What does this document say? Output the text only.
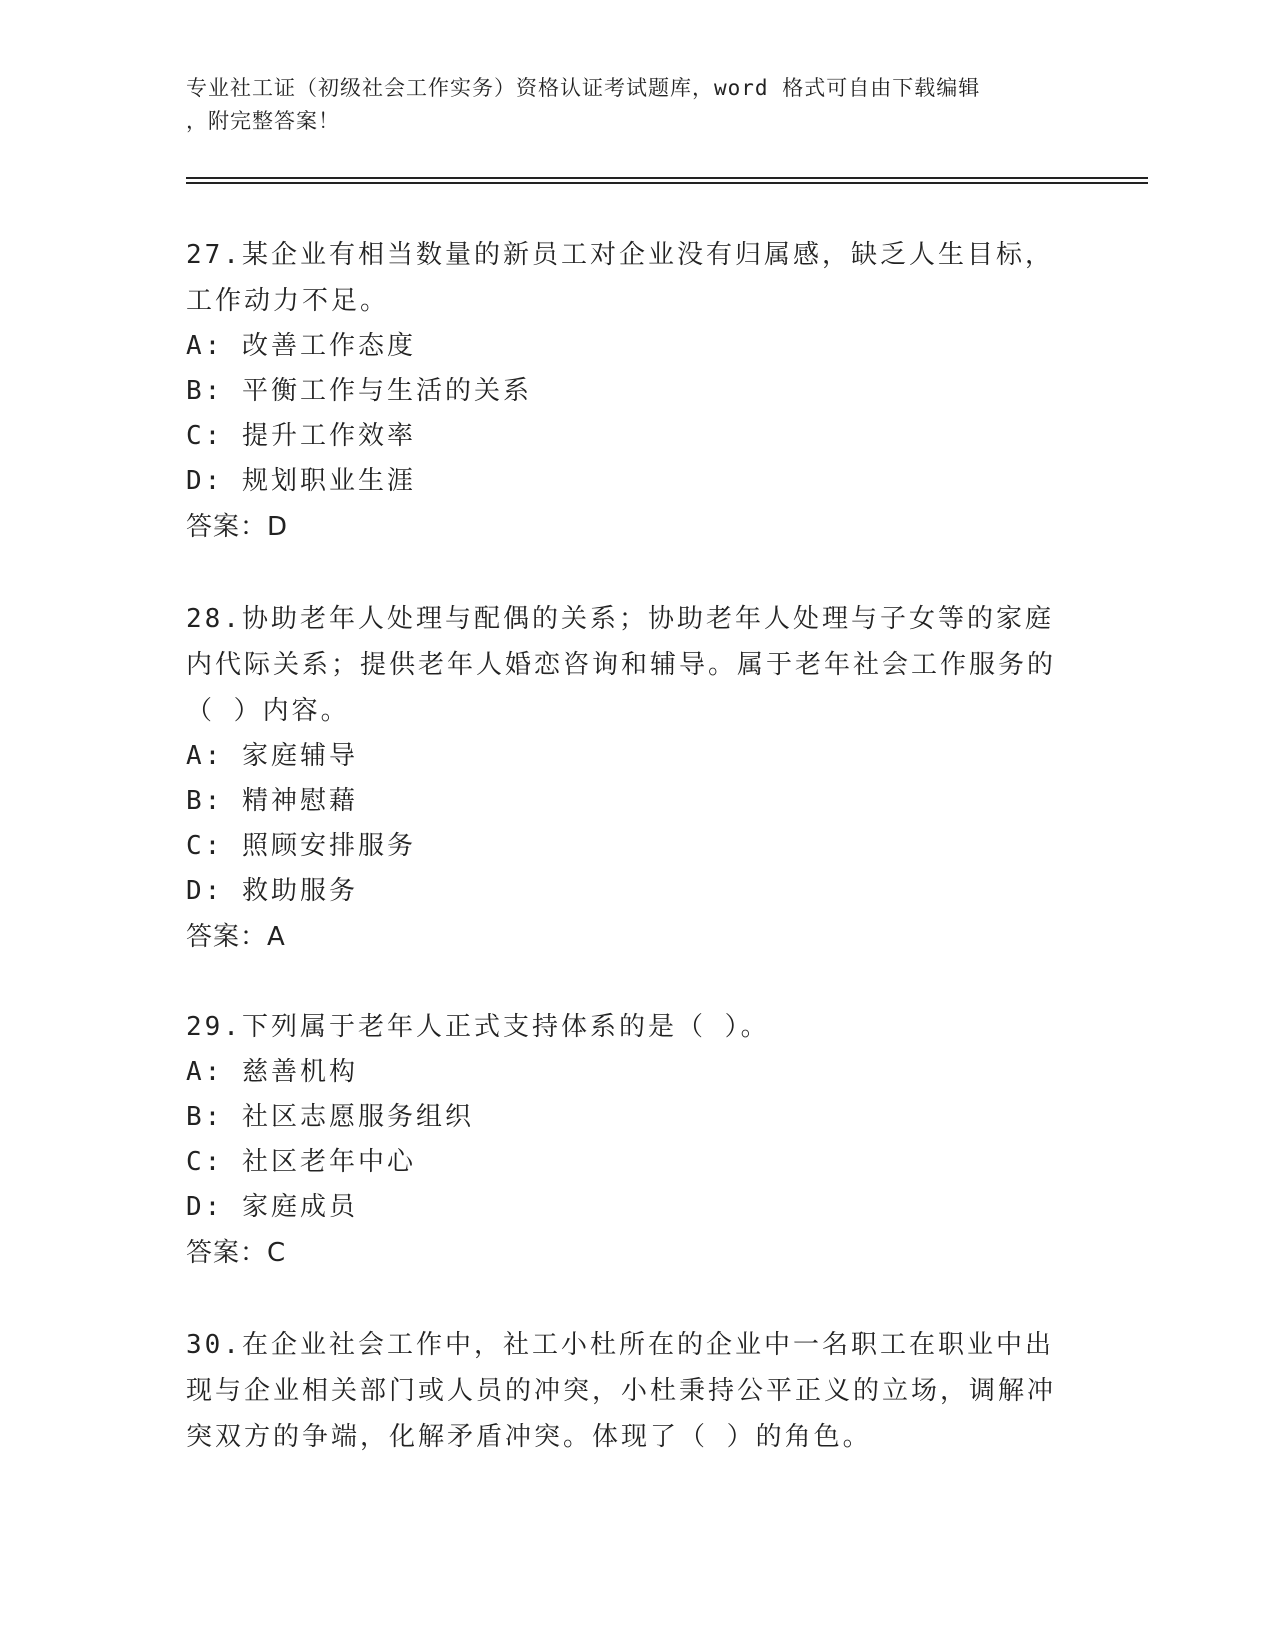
专业社工证（初级社会工作实务）资格认证考试题库，word 格式可自由下载编辑
，附完整答案！

27.某企业有相当数量的新员工对企业没有归属感，缺乏人生目标，工作动力不足。

A: 改善工作态度

B: 平衡工作与生活的关系

C: 提升工作效率

D: 规划职业生涯

答案：D

28.协助老年人处理与配偶的关系；协助老年人处理与子女等的家庭内代际关系；提供老年人婚恋咨询和辅导。属于老年社会工作服务的（ ）内容。

A: 家庭辅导

B: 精神慰藉

C: 照顾安排服务

D: 救助服务

答案：A

29.下列属于老年人正式支持体系的是（ ）。

A: 慈善机构

B: 社区志愿服务组织

C: 社区老年中心

D: 家庭成员

答案：C

30.在企业社会工作中，社工小杜所在的企业中一名职工在职业中出现与企业相关部门或人员的冲突，小杜秉持公平正义的立场，调解冲突双方的争端，化解矛盾冲突。体现了（ ）的角色。
